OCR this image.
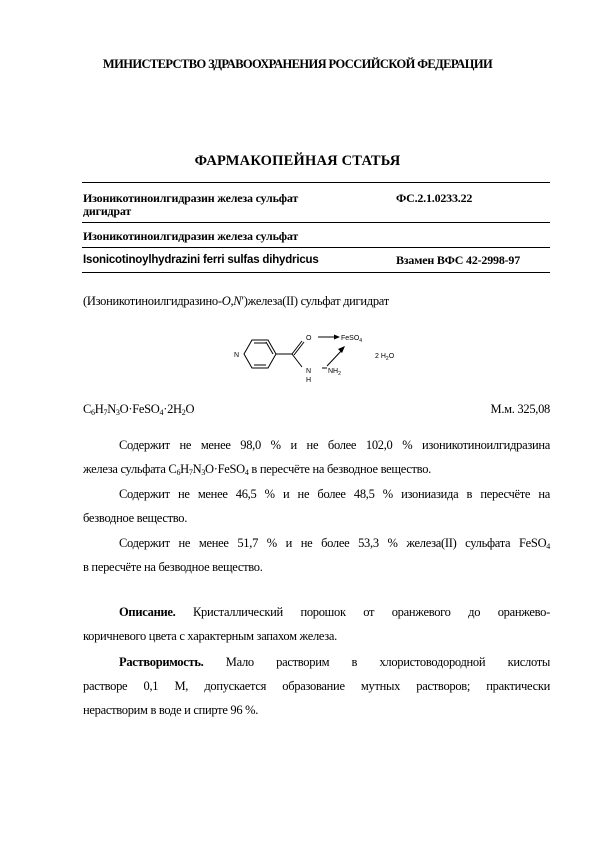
МИНИСТЕРСТВО ЗДРАВООХРАНЕНИЯ РОССИЙСКОЙ ФЕДЕРАЦИИ
ФАРМАКОПЕЙНАЯ СТАТЬЯ
Изоникотиноилгидразин железа сульфат
дигидрат
ФС.2.1.0233.22
Изоникотиноилгидразин железа сульфат
Isonicotinoylhydrazini ferri sulfas dihydricus	Взамен ВФС 42-2998-97
(Изоникотиноилгидразино-O,N′)железа(II) сульфат дигидрат
N
O	FeSO$_4$
N $NH_2$
H
2 $H_2O$
$C_6H_7N_3O\cdot FeSO_4\cdot 2H_2O$	М.м. 325,08
Содержит не менее 98,0 % и не более 102,0 % изоникотиноилгидразина
железа сульфата $C_6H_7N_3O\cdot FeSO_4$ в пересчёте на безводное вещество.
Содержит не менее 46,5 % и не более 48,5 % изониазида в пересчёте на
безводное вещество.
Содержит не менее 51,7 % и не более 53,3 % железа(II) сульфата FeSO$_4$
в пересчёте на безводное вещество.
Описание. Кристаллический порошок от оранжевого до оранжево-
коричневого цвета с характерным запахом железа.
Растворимость. Мало растворим в хлористоводородной кислоты
растворе 0,1 М, допускается образование мутных растворов; практически
нерастворим в воде и спирте 96 %.
